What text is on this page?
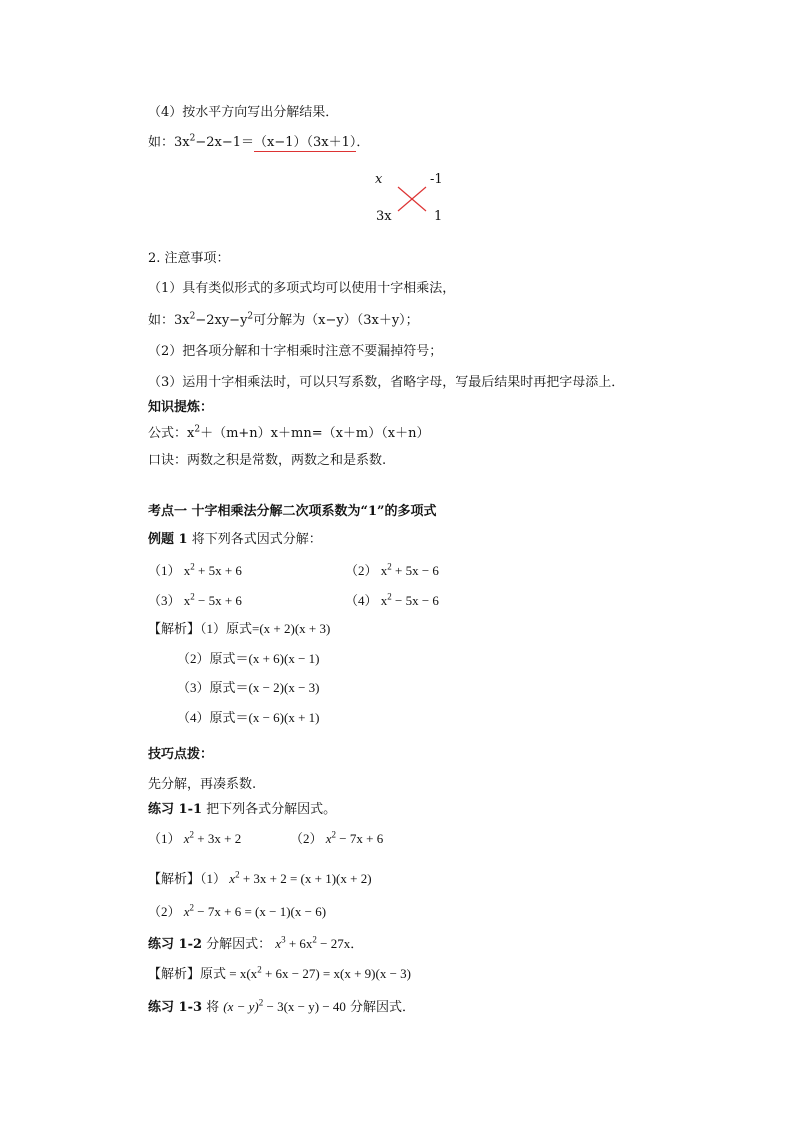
（4）按水平方向写出分解结果．
如：$3x^2-2x-1=(x-1)(3x+1)$．
x	-1
3x	1
2. 注意事项：
（1）具有类似形式的多项式均可以使用十字相乘法，
如：$3x^2-2xy-y^2$可分解为（x−y）（3x＋y）；
（2）把各项分解和十字相乘时注意不要漏掉符号；
（3）运用十字相乘法时，可以只写系数，省略字母，写最后结果时再把字母添上．
知识提炼：
公式：$x^2+(m+n)x+mn=(x+m)(x+n)$
口诀：两数之积是常数，两数之和是系数.
考点一 十字相乘法分解二次项系数为“1”的多项式
例题 1 将下列各式因式分解：
（1） $x^2 + 5x + 6$	（2） $x^2 + 5x - 6$
（3） $x^2 - 5x + 6$	（4） $x^2 - 5x - 6$
【解析】（1）原式=(x + 2)(x + 3)
（2）原式＝(x + 6)(x − 1)
（3）原式＝(x − 2)(x − 3)
（4）原式＝(x − 6)(x + 1)
技巧点拨：
先分解，再凑系数.
练习 1-1 把下列各式分解因式。
（1） $x^2 + 3x + 2$	（2） $x^2 - 7x + 6$
【解析】（1） $x^2 + 3x + 2 = (x + 1)(x + 2)$
（2） $x^2 - 7x + 6 = (x - 1)(x - 6)$
练习 1-2 分解因式： $x^3 + 6x^2 - 27x$．
【解析】原式 = $x(x^2 + 6x - 27) = x(x + 9)(x - 3)$
练习 1-3 将 $(x - y)^2 - 3(x - y) - 40$ 分解因式．
